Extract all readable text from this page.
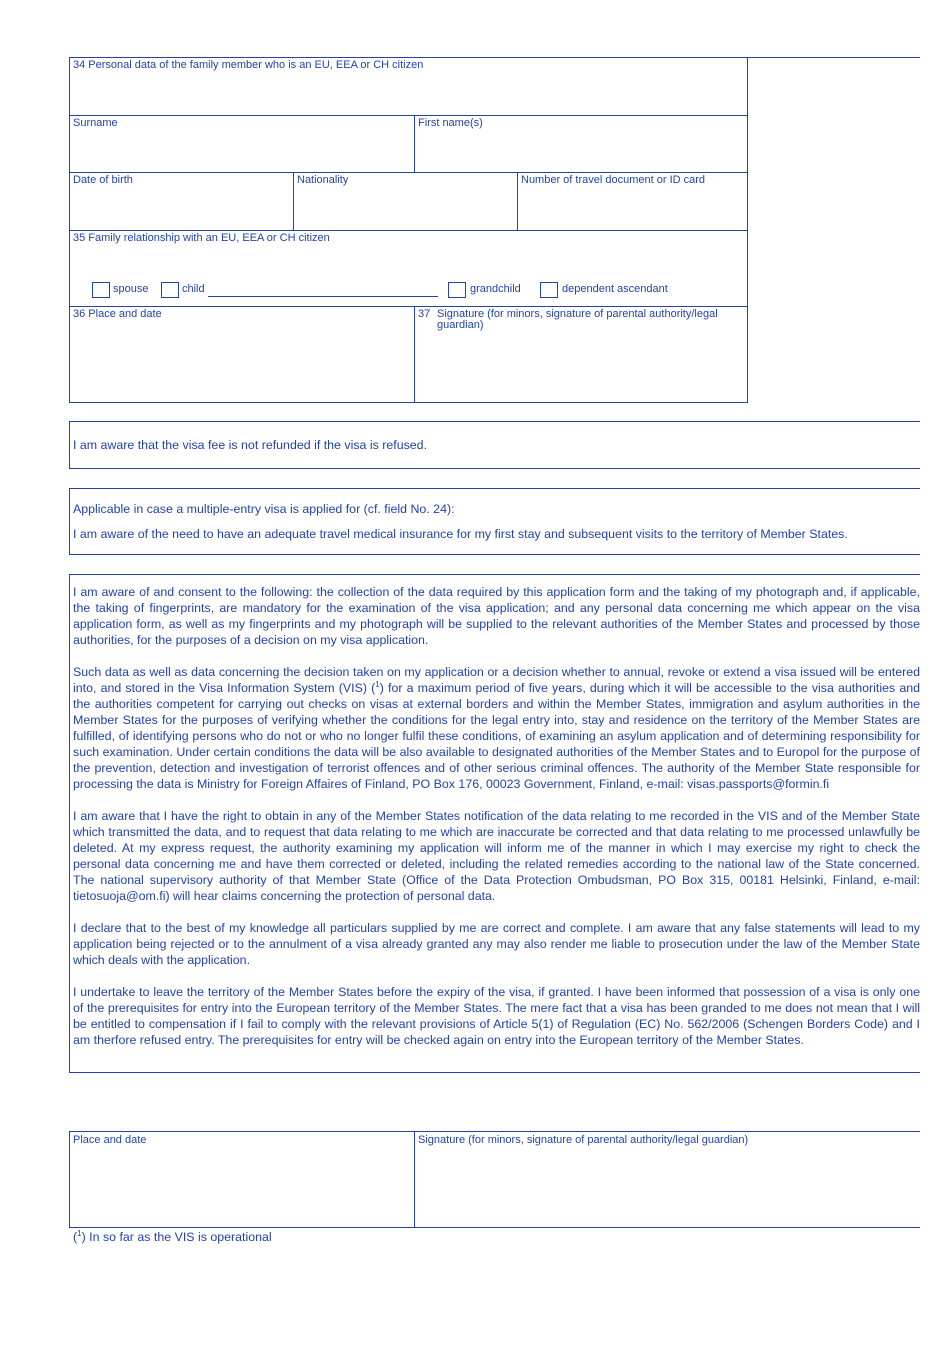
34 Personal data of the family member who is an EU, EEA or CH citizen
Surname	First name(s)
Date of birth	Nationality	Number of travel document or ID card
35 Family relationship with an EU, EEA or CH citizen
spouse	child	grandchild	dependent ascendant
36 Place and date	37 Signature (for minors, signature of parental authority/legal guardian)
I am aware that the visa fee is not refunded if the visa is refused.
Applicable in case a multiple-entry visa is applied for (cf. field No. 24):
I am aware of the need to have an adequate travel medical insurance for my first stay and subsequent visits to the territory of Member States.

I am aware of and consent to the following: the collection of the data required by this application form and the taking of my photograph and, if applicable, the taking of fingerprints, are mandatory for the examination of the visa application; and any personal data concerning me which appear on the visa application form, as well as my fingerprints and my photograph will be supplied to the relevant authorities of the Member States and processed by those authorities, for the purposes of a decision on my visa application.

Such data as well as data concerning the decision taken on my application or a decision whether to annual, revoke or extend a visa issued will be entered into, and stored in the Visa Information System (VIS) ($^1$) for a maximum period of five years, during which it will be accessible to the visa authorities and the authorities competent for carrying out checks on visas at external borders and within the Member States, immigration and asylum authorities in the Member States for the purposes of verifying whether the conditions for the legal entry into, stay and residence on the territory of the Member States are fulfilled, of identifying persons who do not or who no longer fulfil these conditions, of examining an asylum application and of determining responsibility for such examination. Under certain conditions the data will be also available to designated authorities of the Member States and to Europol for the purpose of the prevention, detection and investigation of terrorist offences and of other serious criminal offences. The authority of the Member State responsible for processing the data is Ministry for Foreign Affaires of Finland, PO Box 176, 00023 Government, Finland, e-mail: visas.passports@formin.fi

I am aware that I have the right to obtain in any of the Member States notification of the data relating to me recorded in the VIS and of the Member State which transmitted the data, and to request that data relating to me which are inaccurate be corrected and that data relating to me processed unlawfully be deleted. At my express request, the authority examining my application will inform me of the manner in which I may exercise my right to check the personal data concerning me and have them corrected or deleted, including the related remedies according to the national law of the State concerned. The national supervisory authority of that Member State (Office of the Data Protection Ombudsman, PO Box 315, 00181 Helsinki, Finland, e-mail: tietosuoja@om.fi) will hear claims concerning the protection of personal data.

I declare that to the best of my knowledge all particulars supplied by me are correct and complete. I am aware that any false statements will lead to my application being rejected or to the annulment of a visa already granted any may also render me liable to prosecution under the law of the Member State which deals with the application.

I undertake to leave the territory of the Member States before the expiry of the visa, if granted. I have been informed that possession of a visa is only one of the prerequisites for entry into the European territory of the Member States. The mere fact that a visa has been granded to me does not mean that I will be entitled to compensation if I fail to comply with the relevant provisions of Article 5(1) of Regulation (EC) No. 562/2006 (Schengen Borders Code) and I am therfore refused entry. The prerequisites for entry will be checked again on entry into the European territory of the Member States.

Place and date	Signature (for minors, signature of parental authority/legal guardian)
($^1$) In so far as the VIS is operational
